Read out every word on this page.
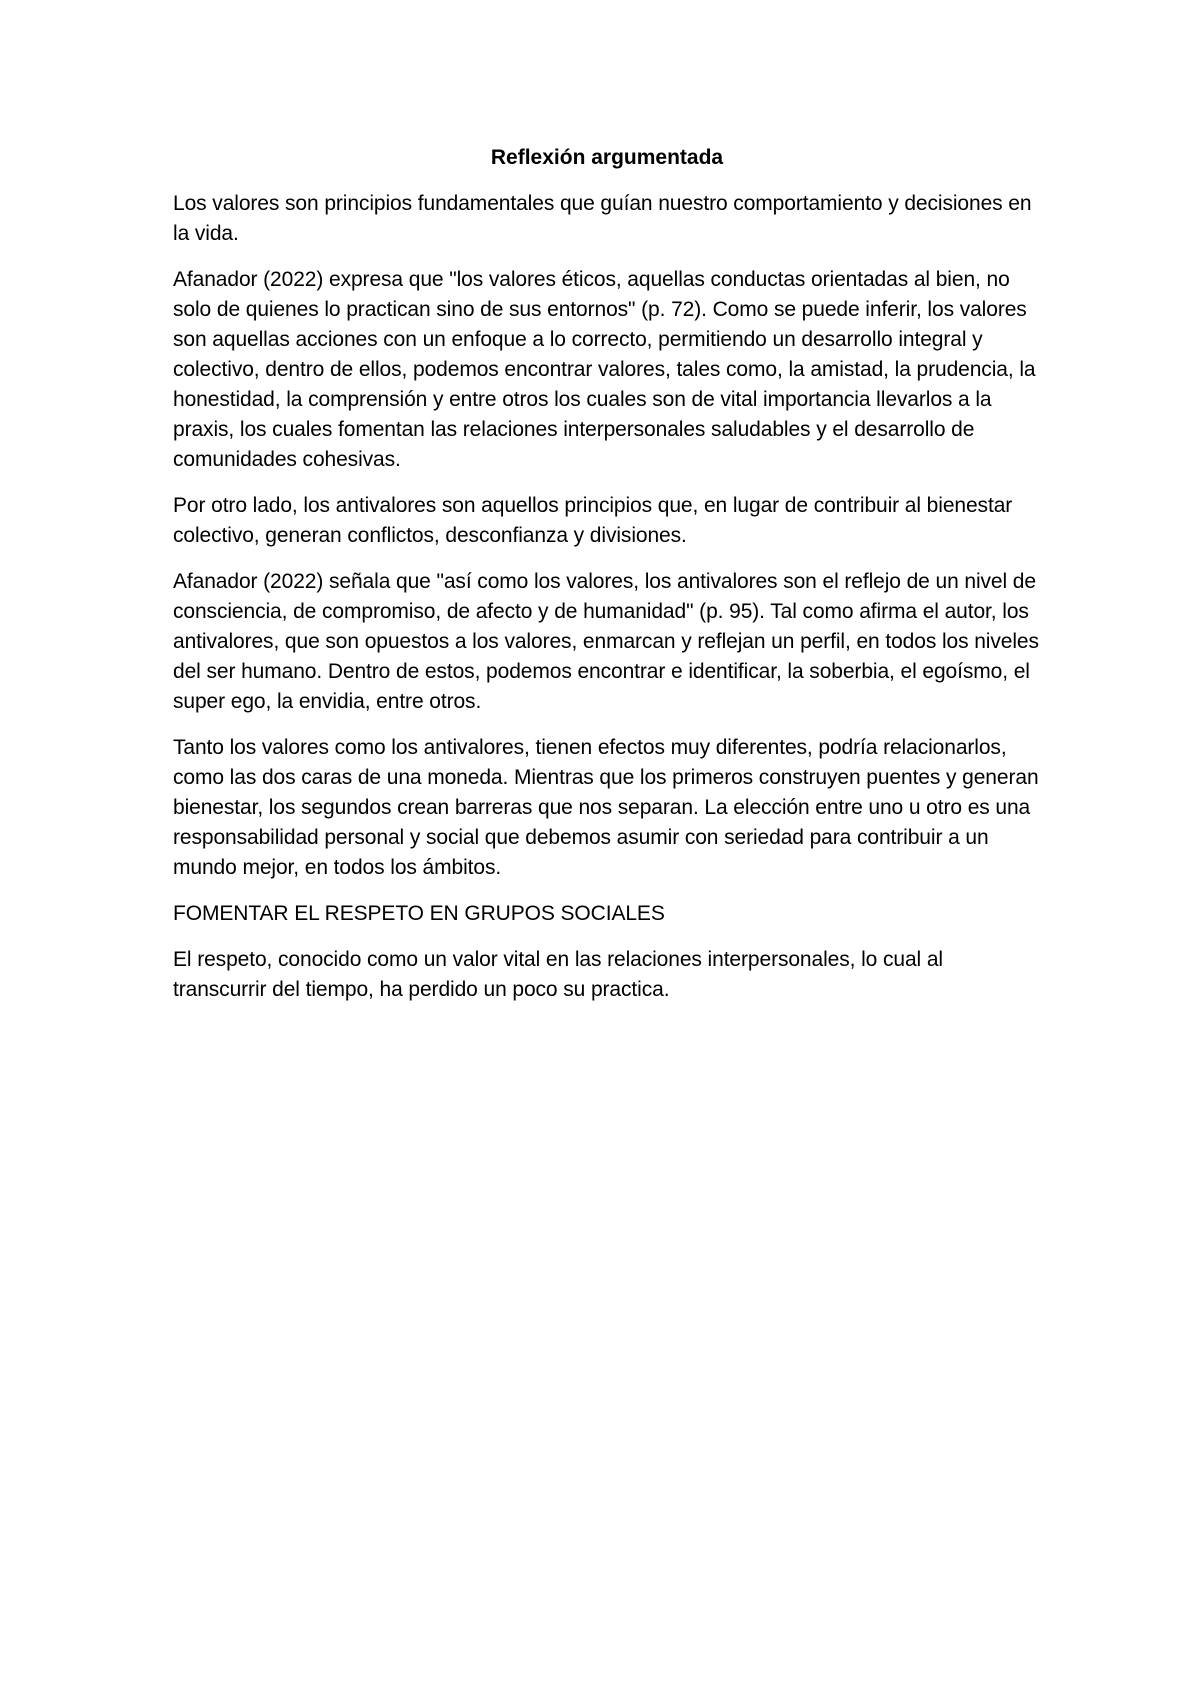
Reflexión argumentada

Los valores son principios fundamentales que guían nuestro comportamiento y decisiones en la vida.

Afanador (2022) expresa que "los valores éticos, aquellas conductas orientadas al bien, no solo de quienes lo practican sino de sus entornos" (p. 72). Como se puede inferir, los valores son aquellas acciones con un enfoque a lo correcto, permitiendo un desarrollo integral y colectivo, dentro de ellos, podemos encontrar valores, tales como, la amistad, la prudencia, la honestidad, la comprensión y entre otros los cuales son de vital importancia llevarlos a la praxis, los cuales fomentan las relaciones interpersonales saludables y el desarrollo de comunidades cohesivas.

Por otro lado, los antivalores son aquellos principios que, en lugar de contribuir al bienestar colectivo, generan conflictos, desconfianza y divisiones.

Afanador (2022) señala que "así como los valores, los antivalores son el reflejo de un nivel de consciencia, de compromiso, de afecto y de humanidad" (p. 95). Tal como afirma el autor, los antivalores, que son opuestos a los valores, enmarcan y reflejan un perfil, en todos los niveles del ser humano. Dentro de estos, podemos encontrar e identificar, la soberbia, el egoísmo, el super ego, la envidia, entre otros.

Tanto los valores como los antivalores, tienen efectos muy diferentes, podría relacionarlos, como las dos caras de una moneda. Mientras que los primeros construyen puentes y generan bienestar, los segundos crean barreras que nos separan. La elección entre uno u otro es una responsabilidad personal y social que debemos asumir con seriedad para contribuir a un mundo mejor, en todos los ámbitos.

FOMENTAR EL RESPETO EN GRUPOS SOCIALES

El respeto, conocido como un valor vital en las relaciones interpersonales, lo cual al transcurrir del tiempo, ha perdido un poco su practica.
